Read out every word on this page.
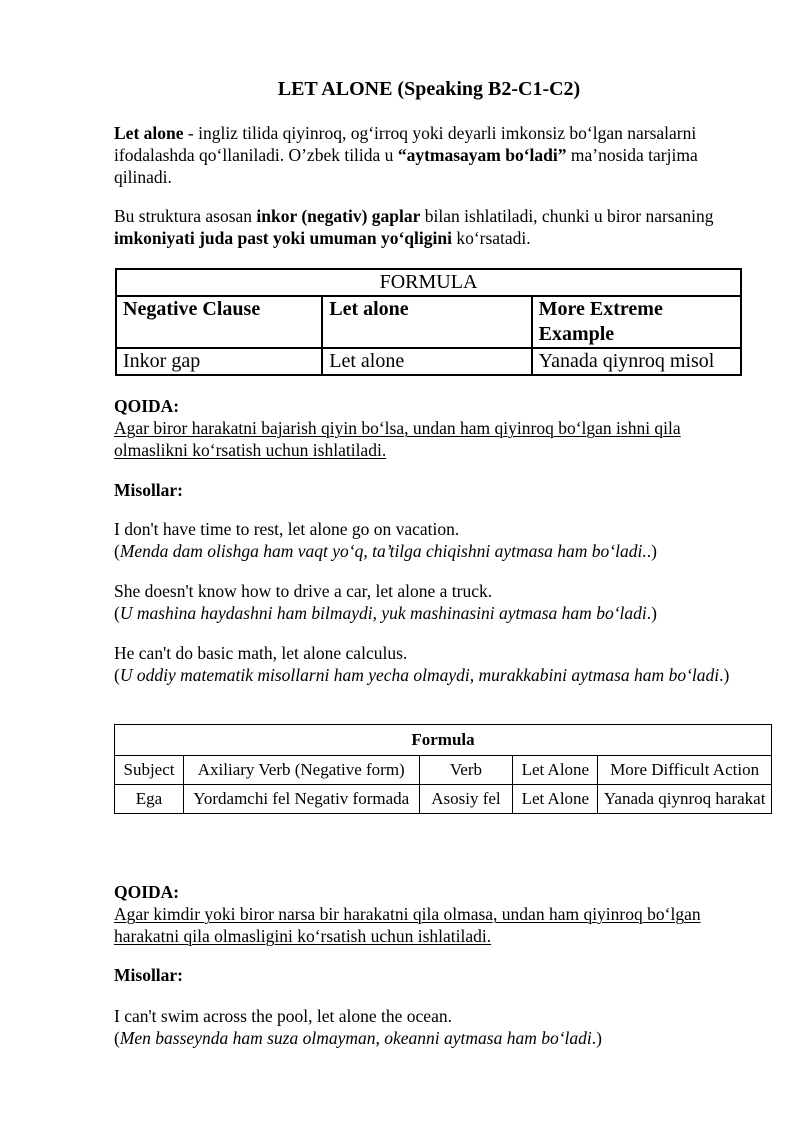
LET ALONE (Speaking B2-C1-C2)

Let alone - ingliz tilida qiyinroq, og‘irroq yoki deyarli imkonsiz bo‘lgan narsalarni ifodalashda qo‘llaniladi. O’zbek tilida u “aytmasayam bo‘ladi” ma’nosida tarjima qilinadi.

Bu struktura asosan inkor (negativ) gaplar bilan ishlatiladi, chunki u biror narsaning imkoniyati juda past yoki umuman yo‘qligini ko‘rsatadi.

FORMULA		
Negative Clause	Let alone	More Extreme Example
Inkor gap	Let alone	Yanada qiynroq misol

QOIDA:
Agar biror harakatni bajarish qiyin bo‘lsa, undan ham qiyinroq bo‘lgan ishni qila olmaslikni ko‘rsatish uchun ishlatiladi.

Misollar:

I don't have time to rest, let alone go on vacation.
(Menda dam olishga ham vaqt yo‘q, ta’tilga chiqishni aytmasa ham bo‘ladi..)

She doesn't know how to drive a car, let alone a truck.
(U mashina haydashni ham bilmaydi, yuk mashinasini aytmasa ham bo‘ladi.)

He can't do basic math, let alone calculus.
(U oddiy matematik misollarni ham yecha olmaydi, murakkabini aytmasa ham bo‘ladi.)

Formula				
Subject	Axiliary Verb (Negative form)	Verb	Let Alone	More Difficult Action
Ega	Yordamchi fel Negativ formada	Asosiy fel	Let Alone	Yanada qiynroq harakat

QOIDA:
Agar kimdir yoki biror narsa bir harakatni qila olmasa, undan ham qiyinroq bo‘lgan harakatni qila olmasligini ko‘rsatish uchun ishlatiladi.

Misollar:

I can't swim across the pool, let alone the ocean.
(Men basseynda ham suza olmayman, okeanni aytmasa ham bo‘ladi.)
